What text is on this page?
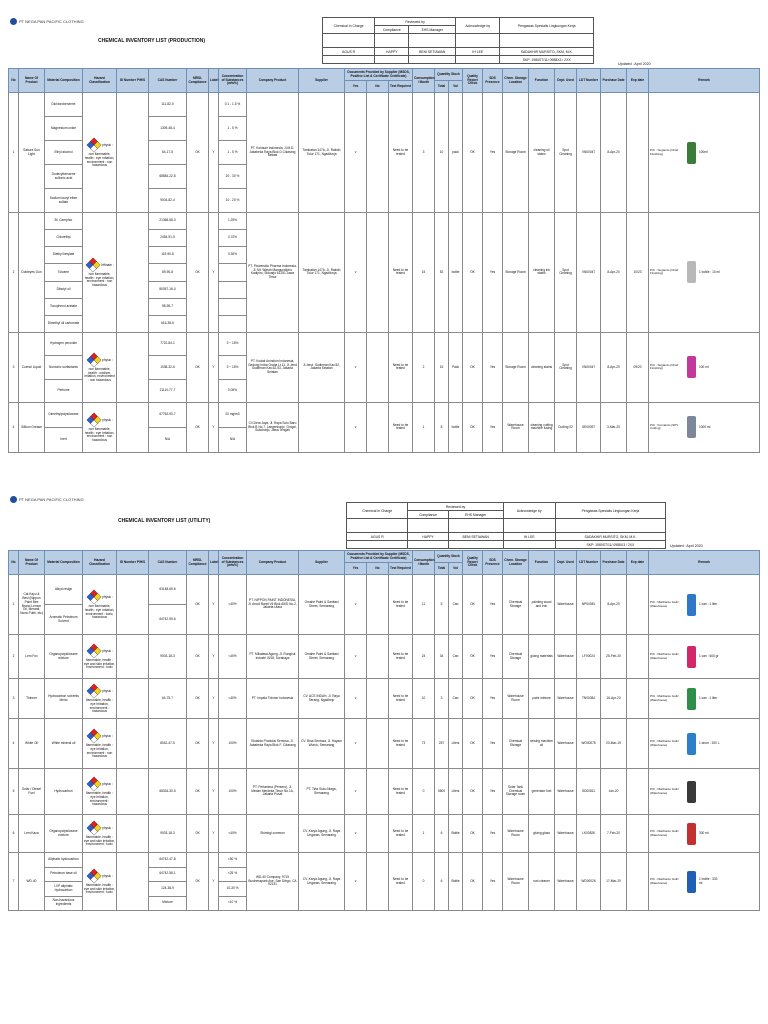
PT NEGA PAN PACIFIC CLOTHING
CHEMICAL INVENTORY LIST (PRODUCTION)
Chemical In Charge	Reviewed by		Acknowledge by	Pengawas Spesialis Lingkungan Kerja
	Compliance	EHS Manager		

AGUS R	HAPPY	BENI SETIAWAN	IH LEE	SADAKHIR MURSITO, SKM, M.K.
				SKP: 1980ST/11/ 0988X3 / 2XX
Updated : April 2020
No	Name Of Product	Material Composition	Hazard Classification	ID Number P/H/S	CAS Number	MRSL Compliance	Label	Concentration of Substances (w/w%)	Company Product	Supplier	Documents Provided by Supplier (MSDS, Positive List & Certificate Certificate)			Consumption / Month	Quantity Stock		Quality Report Check	SDS Presence	Chem. Storage Location	Function	Dept. Used	LDT Number	Purchase Date	Exp date	Remark
											Yes	No	Test Required		Total	Vol									
1	Sakura Sun Light	Dichlorobenzene	physic : non flammable, health : eye irritation, environment : non hazardous		111-82-0	OK	Y	0.1 - 1.5 %	PT. Kohisan Indonesia, Jl.M.D. Jakabeka Raya Blok D Cikarang Bekasi	Tambatan 147A, Jl. Raksih Tulur 171, Ngadiluvja	v		Need to be tested	3	10	pack	OK	Yes	Storage Room	cleaning oil stains	Spot Cleaning	VN00047	8-Apr-20		PIC : Sugianto (Chief Finishing) 100ml

		Magnesium oxide			1309-48-4			1 - 5 %																	
		Ethyl alcohol			64-17-5			1 - 5 %																	
		Dodecylbenzene sulfonic acid			68584-22-5			20 - 30 %																	
		Sodium lauryl ether sulfate			9004-82-4			10 - 20 %																	
2	Dobleyes Gun	Bi. Camphor	Irffinate : non flammable, health : eye irritation, environment : non hazardous		21368-68-3	OK	Y	1.25%	PT. Flowersbio Pharma Indonesia, Jl. Mt. Warah Mangundiptro Kadipiro, Sidoarjo 61251 Jawa Timur	Tambatan 147A, Jl. Raksih Tulur 171, Ngadiluvja	v		Need to be tested	15	52	bottle	OK	Yes	Storage Room	cleaning ink stains	Spot Cleaning	VN00047	8-Apr-20	10/23	PIC : Sugianto (Chief Finishing) 1 bottle : 10 ml

		Chlorethyl			2454-51-5			0.70%																	
		Diethyl ketylate			119-90-8			0.30%																	
		Toluene			89-90-8																				
		Dibutyl oil			80057-16-0																				
		Tocopherol acetate			58-95-7																				
		Dimethyl oil carbonate			616-38-6																				
3	Cuenol Liquid	Hydrogen peroxide	physic : non flammable, health : oxidizer, irritation, environment : non hazardous		7722-84-1	OK	Y	3 ~ 15%	PT. Kodak Anindion Indonesia, Gedung Indra Graha Lt.11, Jl.Jend Sudirman Kav.52-53, Jakarta Selatan	Jl.Jend. Sudirman Kav.52, Jakarta Selatan	v		Need to be tested	2	15	Pack	OK	Yes	Storage Room	cleaning stains	Spot Cleaning	VN00047	8-Apr-20	09/20	PIC : Sugianto (Chief Finishing) 100 ml

		Nonionic surfactants			1038-32-6			3 ~ 15%																	
		Perfume			21110-77-7			0.05%																	
4	Silikon Grease	Dimethylpolysiloxane	physic : non flammable, health : eye irritation, environment : non hazardous		67762-90-7	OK	Y	20 mg/m3	CV.Dera Jaya, Jl. Raya Solo Baru Blok B No.7, Langenharjo, Grogol, Sukoharjo, Jawa Tengah		v		Need to be tested	1	8	bottle	OK	Yes	Warehouse Room	cleaning cutting machine fusing	Cutting 02	SE00097	3-Mar-20		PIC : Kurnianto (SPV Cutting) 1000 ml

		Inert			N/A			N/A																	
PT NEGA PAN PACIFIC CLOTHING
CHEMICAL INVENTORY LIST (UTILITY)
Chemical In Charge	Reviewed by		Acknowledge by	Pengawas Spesialis Lingkungan Kerja
	Compliance	EHS Manager		

AGUS R	HAPPY	BENI SETIAWAN	IH LEE	SADAKHIR MURSITO, SKM, M.K.
				SKP: 1980ST/11/ 0988X3 / 2XX	Updated : April 2020
No	Name Of Product	Material Composition	Hazard Classification	ID Number P/H/S	CAS Number	MRSL Compliance	Label	Concentration of Substances (w/w%)	Company Product	Supplier	Documents Provided by Supplier (MSDS, Positive List & Certificate Certificate)			Consumption / Month	Quantity Stock		Quality Report Check	SDS Presence	Chem. Storage Location	Function	Dept. Used	LDT Number	Purchase Date	Exp date	Remark
											Yes	No	Test Required		Total	Vol									
1	Cat Kayu & Besi (Nippon Paint Bee Brand Lemon Oil, Meranti, Nona Putih, etc)	Alkyd resign	physic : non flammable, health : eye irritation, environment : toxic, hazardous		63148-69-6	OK	Y	<40%	PT. NIPPON PAINT INDONESIA, Jl. Ancol Barat VII Blok A5/D No.2, Jakarta Utara	Omahe Paint & Sanitasi Street, Semarang	v		Need to be tested	11	5	Can	OK	Yes	Chemical Storage	painting wood and iron	Warehouse	NP00081	8-Apr-20		PIC : Marihanto Gultz (Warehouse) 1 can : 1 liter

		Aromatic Petroleum Solvent			64742-95-6																				
2	Lem Fox	Organopolysiloxane mixture	physic : flammable, health : eye and skin irritation, environment : toxic		9003-18-3	OK	Y	<40%	PT. Mikatasa Agung, Jl. Rungkut Industri III/18, Surabaya	Omahe Paint & Sanitasi Street, Semarang	v		Need to be tested	24	34	Can	OK	Yes	Chemical Storage	gluing materials	Warehouse	LF00024	25-Feb-20		PIC : Marihanto Gultz (Warehouse) 1 can : 600 gr

3	Thinner	Hydrocarbon solvents blend	physic : flammable, health : eye irritation, environment : hazardous		64-75-7	OK	Y	<40%	PT. Impala Thinner Indonesia	CV. ACE INDAH, Jl. Raya Serang, Ngadirejo	v		Need to be tested	10	3	Can	OK	Yes	Warehouse Room	paint mixture	Warehouse	TN00084	16-Apr-20		PIC : Marihanto Gultz (Warehouse) 1 can : 1 liter

4	White Oil	White mineral oil	physic : flammable, health : eye irritation, environment : non hazardous		8042-47-5	OK	Y	100%	Ekasida Produksi Sentosa, Jl. Jababeka Raya Blok F, Cikarang	CV. Bina Sentosa, Jl. Hayam Wuruk, Semarang	v		Need to be tested	73	257	Liters	OK	Yes	Chemical Storage	sewing machine oil	Warehouse	WO00076	23-Mar-19		PIC : Marihanto Gultz (Warehouse) 1 drum : 200 L

5	Solar / Diesel Fuel	Hydrocarbon	physic : flammable, health : eye irritation, environment : hazardous		68334-30-5	OK	Y	100%	PT. Pertamina (Persero), Jl. Medan Merdeka Timur No.1A, Jakarta Pusat	PT. Tirta Suku Niaga, Semarang	v		Need to be tested	0	5500	Liters	OK	Yes	Solar Tank Chemical Storage room	generator fuel	Warehouse	SD00811	Jan-20		PIC : Marihanto Gultz (Warehouse)

6	Lem Kaca	Organopolysiloxane mixture	physic : flammable, health : eye and skin irritation, environment : toxic		9003-18-3	OK	Y	<40%	Shimbgl common	CV. Karya Agung, Jl. Raya Ungaran, Semarang	v		Need to be tested	1	6	Bottle	OK	Yes	Warehouse Room	gluing glass	Warehouse	LK00826	7-Feb-20		PIC : Marihanto Gultz (Warehouse) 300 ml

7	WD-40	Aliphatic hydrocarbon	physic : flammable, health : eye and skin irritation, environment : toxic		64742-47-8	OK	Y	<50 %	WD-40 Company, 9715 Businesspark Ave, San Diego, CA 92131	CV. Karya Agung, Jl. Raya Ungaran, Semarang	v		Need to be tested	0	6	Bottle	OK	Yes	Warehouse Room	rust cleaner	Warehouse	WD00026	17-Mar-20		PIC : Marihanto Gultz (Warehouse)
1 bottle : 333 ml

		Petroleum base oil			64742-58-1			<25 %																	
		LVP aliphatic hydrocarbon			124-38-9			10-30 %																	
		Non-hazardous ingredients			Mixture			<10 %																	
